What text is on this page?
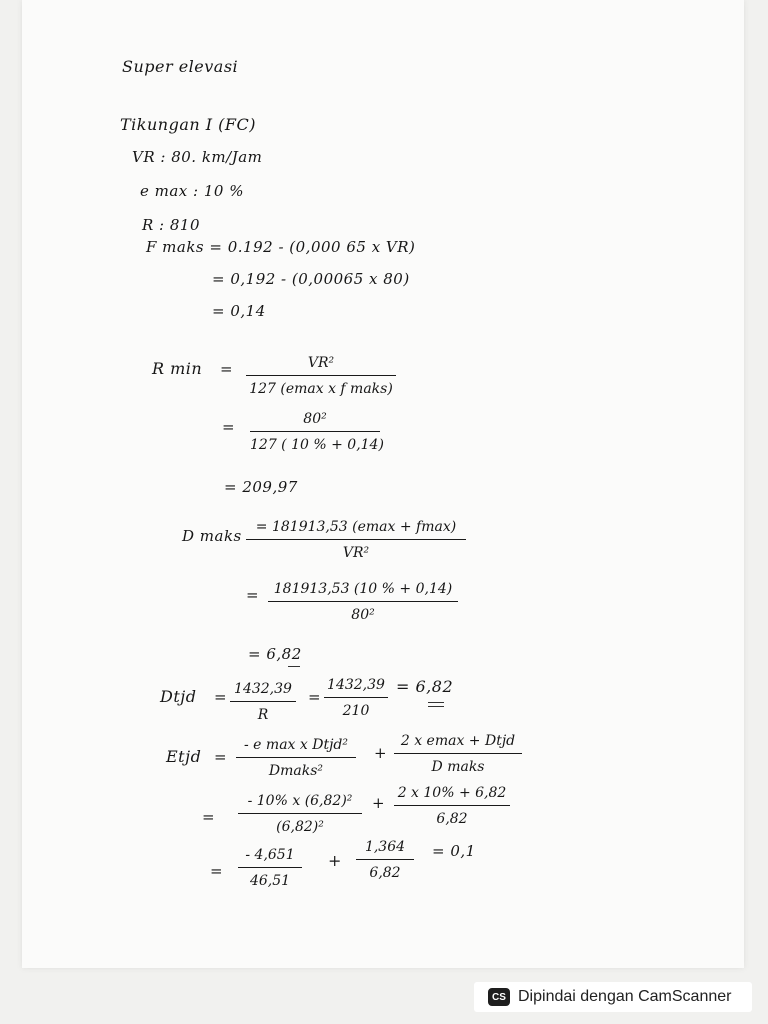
Super elevasi
Tikungan I (FC)
VR : 80. km/Jam
e max : 10 %
R : 810
F maks = 0.192 - (0,000 65 x VR)
= 0,192 - (0,00065 x 80)
= 0,14
R min =	VR²
127 (emax x f maks)
=	80²
127 ( 10 % + 0,14)
= 209,97
D maks	= 181913,53 (emax + fmax)
VR²
=	181913,53 (10 % + 0,14)
80²
= 6,82
Dtjd = 1432,39
R
=
1432,39
210
= 6,82
Etjd =
- e max x Dtjd²
Dmaks²
+
2 x emax + Dtjd
D maks
=
- 10% x (6,82)²
(6,82)²
+
2 x 10% + 6,82
6,82
=
- 4,651
46,51
+
1,364
6,82
= 0,1
CS Dipindai dengan CamScanner
